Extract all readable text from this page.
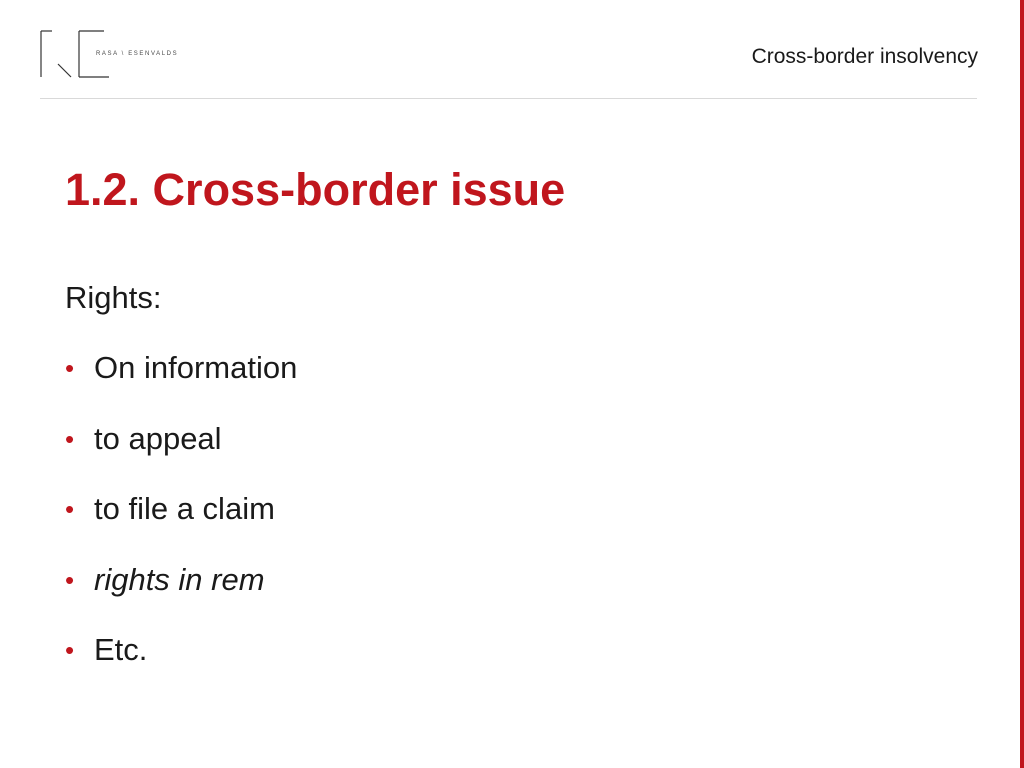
RASA \ ESENVALDS	Cross-border insolvency
1.2. Cross-border issue
Rights:
• On information
• to appeal
• to file a claim
• rights in rem
• Etc.
